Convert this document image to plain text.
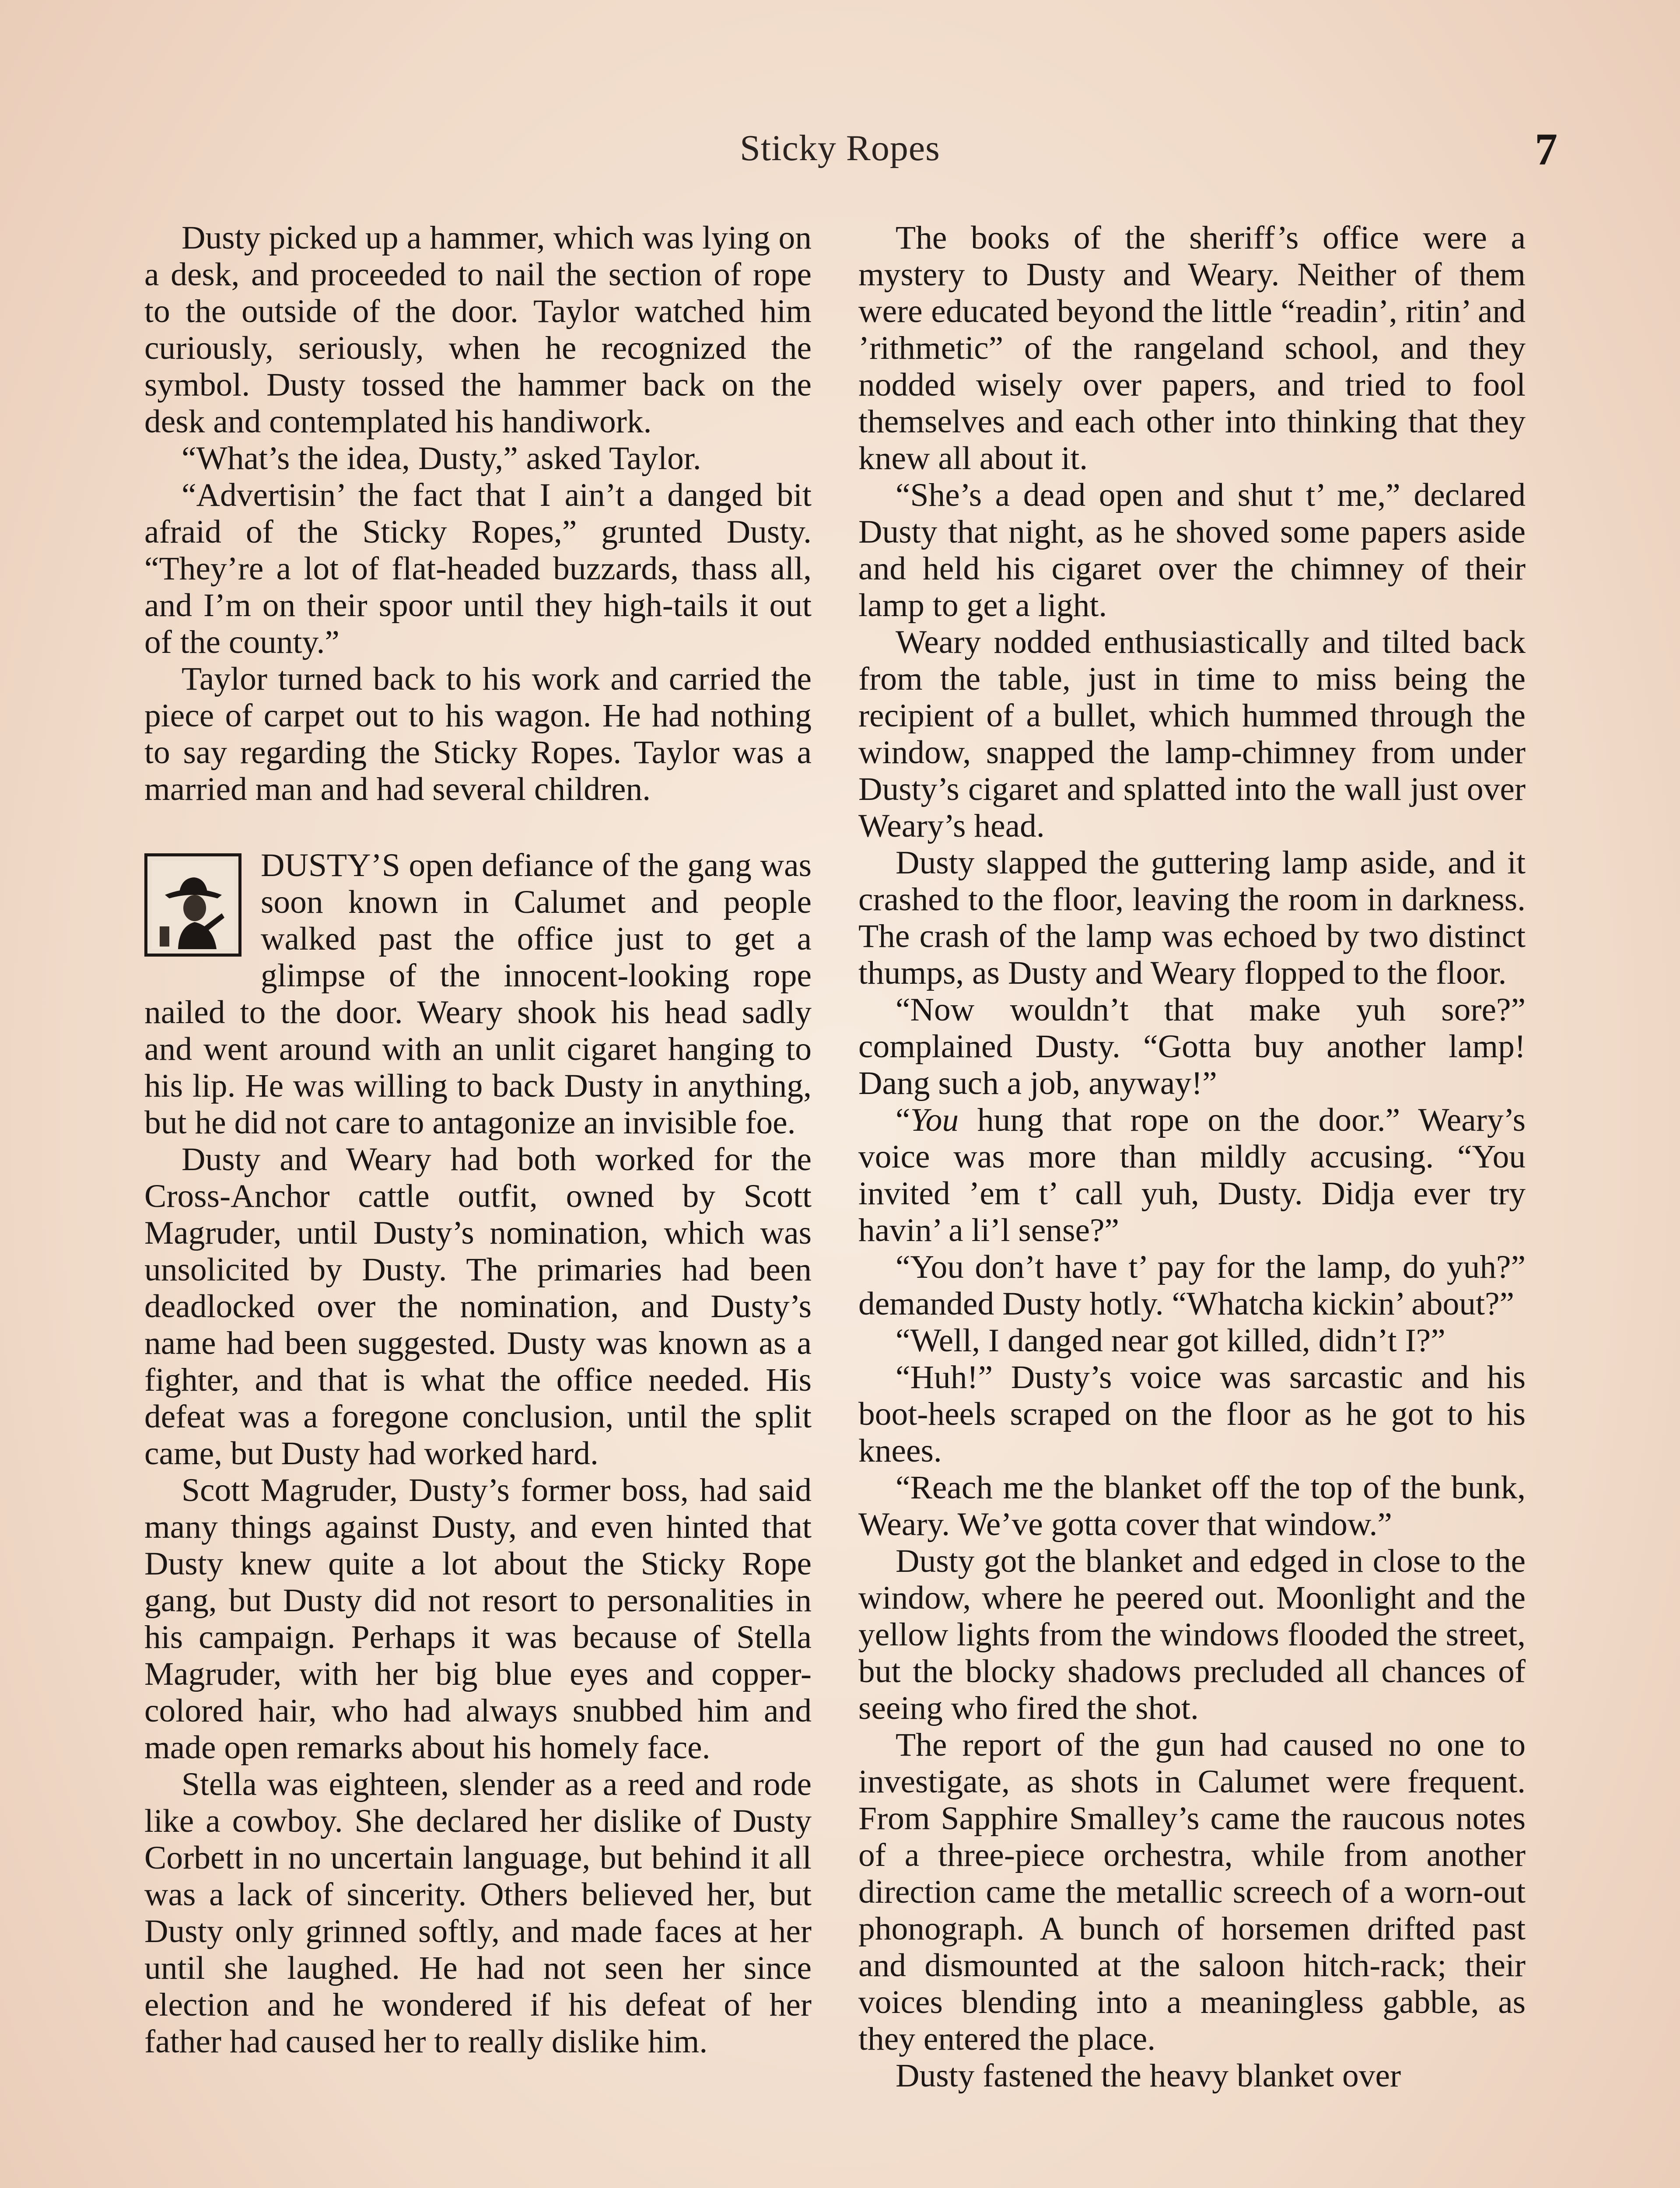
Sticky Ropes	7

Dusty picked up a hammer, which was lying on a desk, and proceeded to nail the section of rope to the outside of the door. Taylor watched him curiously, seriously, when he recognized the symbol. Dusty tossed the hammer back on the desk and contemplated his handiwork.

“What’s the idea, Dusty,” asked Taylor.

“Advertisin’ the fact that I ain’t a danged bit afraid of the Sticky Ropes,” grunted Dusty. “They’re a lot of flat-headed buzzards, thass all, and I’m on their spoor until they high-tails it out of the county.”

Taylor turned back to his work and carried the piece of carpet out to his wagon. He had nothing to say regarding the Sticky Ropes. Taylor was a married man and had several children.

DUSTY’S open defiance of the gang was soon known in Calumet and people walked past the office just to get a glimpse of the innocent-looking rope nailed to the door. Weary shook his head sadly and went around with an unlit cigaret hanging to his lip. He was willing to back Dusty in anything, but he did not care to antagonize an invisible foe.

Dusty and Weary had both worked for the Cross-Anchor cattle outfit, owned by Scott Magruder, until Dusty’s nomination, which was unsolicited by Dusty. The primaries had been deadlocked over the nomination, and Dusty’s name had been suggested. Dusty was known as a fighter, and that is what the office needed. His defeat was a foregone conclusion, until the split came, but Dusty had worked hard.

Scott Magruder, Dusty’s former boss, had said many things against Dusty, and even hinted that Dusty knew quite a lot about the Sticky Rope gang, but Dusty did not resort to personalities in his campaign. Perhaps it was because of Stella Magruder, with her big blue eyes and copper-colored hair, who had always snubbed him and made open remarks about his homely face.

Stella was eighteen, slender as a reed and rode like a cowboy. She declared her dislike of Dusty Corbett in no uncertain language, but behind it all was a lack of sincerity. Others believed her, but Dusty only grinned softly, and made faces at her until she laughed. He had not seen her since election and he wondered if his defeat of her father had caused her to really dislike him.

The books of the sheriff’s office were a mystery to Dusty and Weary. Neither of them were educated beyond the little “readin’, ritin’ and ’rithmetic” of the rangeland school, and they nodded wisely over papers, and tried to fool themselves and each other into thinking that they knew all about it.

“She’s a dead open and shut t’ me,” declared Dusty that night, as he shoved some papers aside and held his cigaret over the chimney of their lamp to get a light.

Weary nodded enthusiastically and tilted back from the table, just in time to miss being the recipient of a bullet, which hummed through the window, snapped the lamp-chimney from under Dusty’s cigaret and splatted into the wall just over Weary’s head.

Dusty slapped the guttering lamp aside, and it crashed to the floor, leaving the room in darkness. The crash of the lamp was echoed by two distinct thumps, as Dusty and Weary flopped to the floor.

“Now wouldn’t that make yuh sore?” complained Dusty. “Gotta buy another lamp! Dang such a job, anyway!”

“You hung that rope on the door.” Weary’s voice was more than mildly accusing. “You invited ’em t’ call yuh, Dusty. Didja ever try havin’ a li’l sense?”

“You don’t have t’ pay for the lamp, do yuh?” demanded Dusty hotly. “Whatcha kickin’ about?”

“Well, I danged near got killed, didn’t I?”

“Huh!” Dusty’s voice was sarcastic and his boot-heels scraped on the floor as he got to his knees.

“Reach me the blanket off the top of the bunk, Weary. We’ve gotta cover that window.”

Dusty got the blanket and edged in close to the window, where he peered out. Moonlight and the yellow lights from the windows flooded the street, but the blocky shadows precluded all chances of seeing who fired the shot.

The report of the gun had caused no one to investigate, as shots in Calumet were frequent. From Sapphire Smalley’s came the raucous notes of a three-piece orchestra, while from another direction came the metallic screech of a worn-out phonograph. A bunch of horsemen drifted past and dismounted at the saloon hitch-rack; their voices blending into a meaningless gabble, as they entered the place.

Dusty fastened the heavy blanket over
